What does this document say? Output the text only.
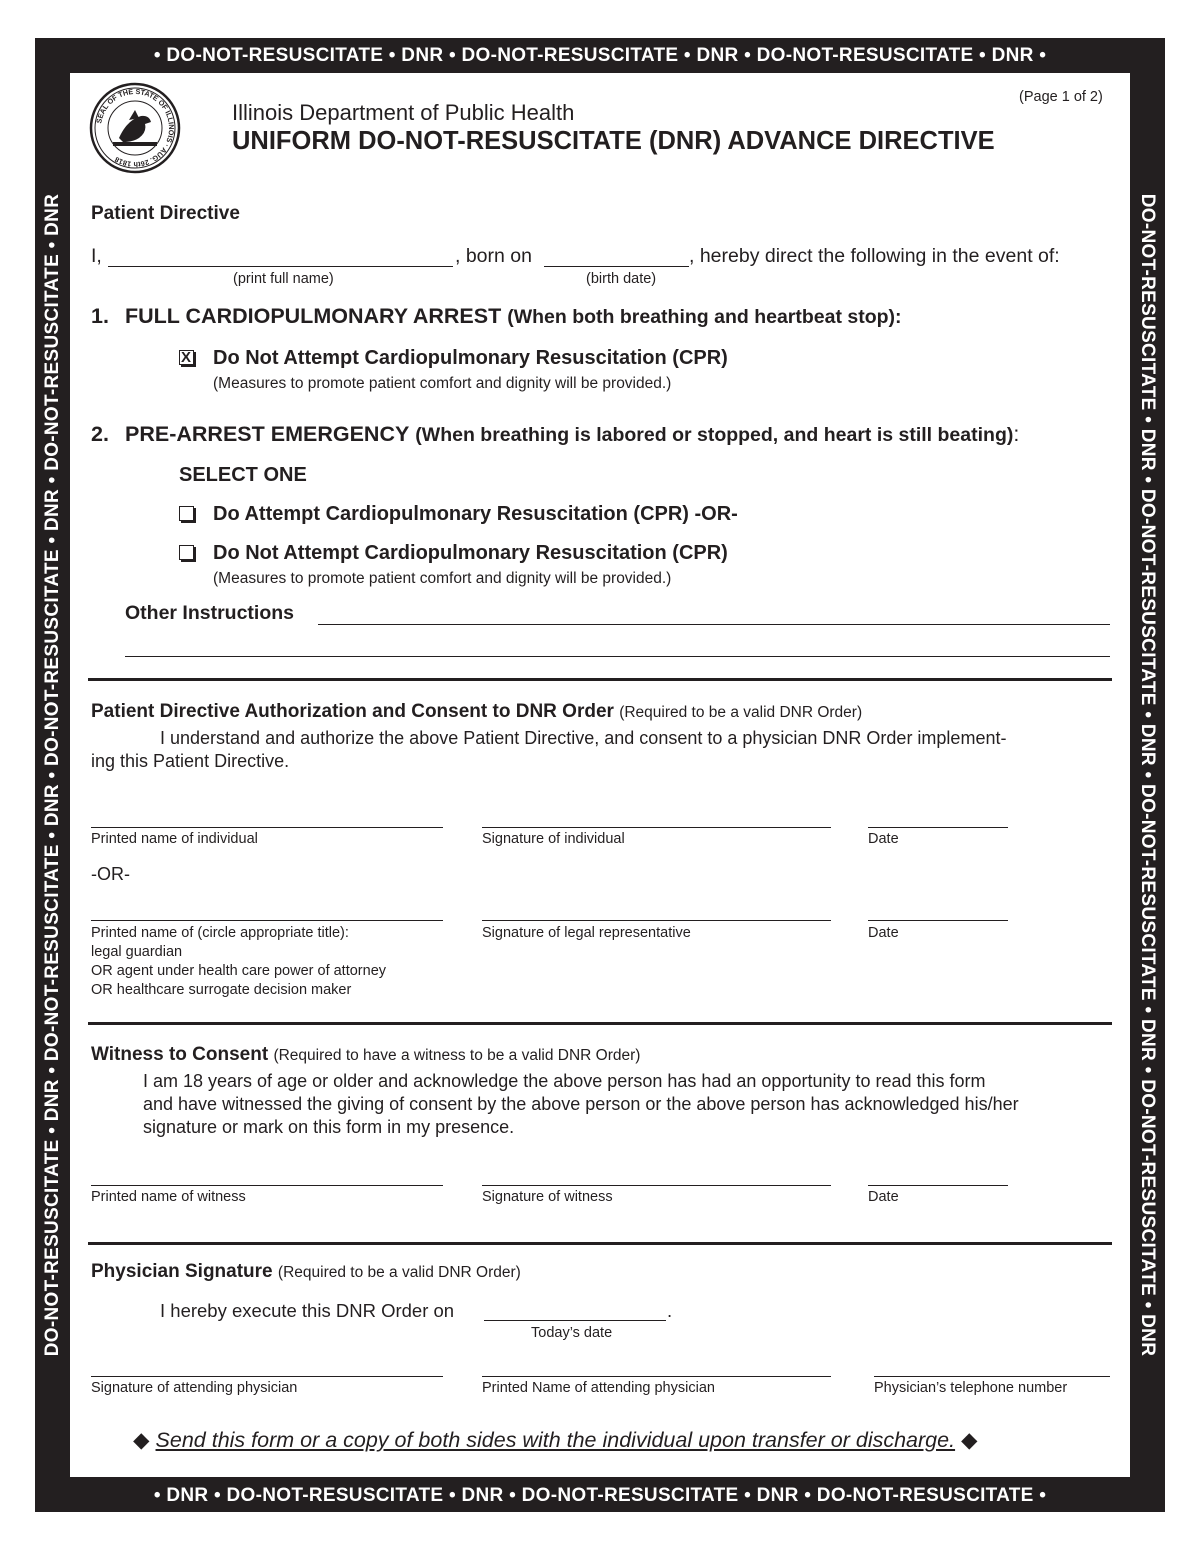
• DO-NOT-RESUSCITATE • DNR • DO-NOT-RESUSCITATE • DNR • DO-NOT-RESUSCITATE • DNR •
• DNR • DO-NOT-RESUSCITATE • DNR • DO-NOT-RESUSCITATE • DNR • DO-NOT-RESUSCITATE •
DO-NOT-RESUSCITATE • DNR • DO-NOT-RESUSCITATE • DNR • DO-NOT-RESUSCITATE • DNR • DO-NOT-RESUSCITATE • DNR	DO-NOT-RESUSCITATE • DNR • DO-NOT-RESUSCITATE • DNR • DO-NOT-RESUSCITATE • DNR • DO-NOT-RESUSCITATE • DNR
SEAL OF THE STATE OF ILLINOIS · AUG. 26th 1818
Illinois Department of Public Health
UNIFORM DO-NOT-RESUSCITATE (DNR) ADVANCE DIRECTIVE
(Page 1 of 2)
Patient Directive
I,	, born on	, hereby direct the following in the event of:
(print full name)	(birth date)
1. FULL CARDIOPULMONARY ARREST (When both breathing and heartbeat stop):
X Do Not Attempt Cardiopulmonary Resuscitation (CPR)
(Measures to promote patient comfort and dignity will be provided.)
2. PRE-ARREST EMERGENCY (When breathing is labored or stopped, and heart is still beating):
SELECT ONE
Do Attempt Cardiopulmonary Resuscitation (CPR) -OR-
Do Not Attempt Cardiopulmonary Resuscitation (CPR)
(Measures to promote patient comfort and dignity will be provided.)
Other Instructions
Patient Directive Authorization and Consent to DNR Order (Required to be a valid DNR Order)
I understand and authorize the above Patient Directive, and consent to a physician DNR Order implement-
ing this Patient Directive.
Printed name of individual	Signature of individual	Date
-OR-
Printed name of (circle appropriate title):
legal guardian
OR agent under health care power of attorney
OR healthcare surrogate decision maker
Signature of legal representative	Date
Witness to Consent (Required to have a witness to be a valid DNR Order)
I am 18 years of age or older and acknowledge the above person has had an opportunity to read this form
and have witnessed the giving of consent by the above person or the above person has acknowledged his/her
signature or mark on this form in my presence.
Printed name of witness	Signature of witness	Date
Physician Signature (Required to be a valid DNR Order)
I hereby execute this DNR Order on	.
Today’s date
Signature of attending physician	Printed Name of attending physician	Physician’s telephone number
◆ Send this form or a copy of both sides with the individual upon transfer or discharge. ◆
